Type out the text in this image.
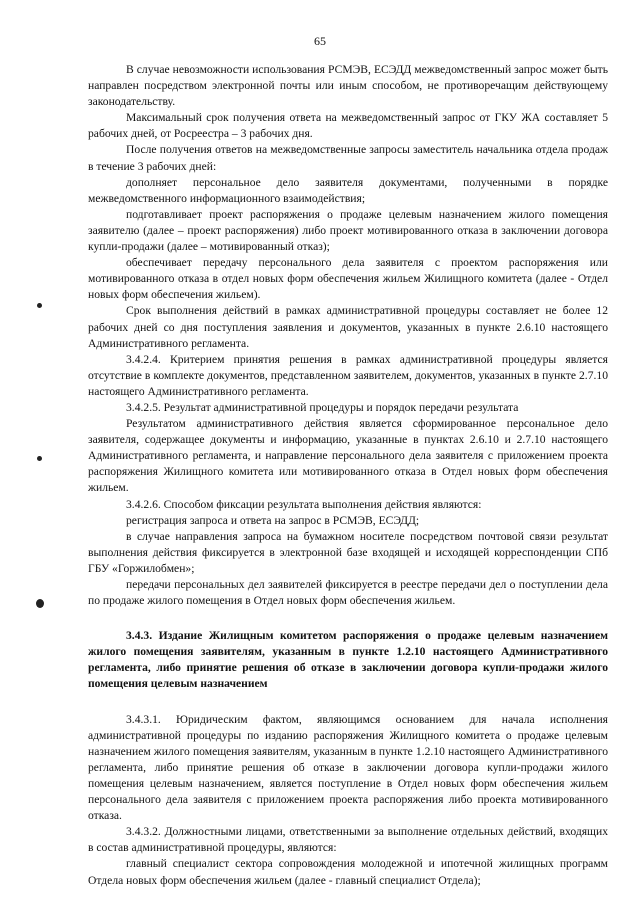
65

В случае невозможности использования РСМЭВ, ЕСЭДД межведомственный запрос может быть направлен посредством электронной почты или иным способом, не противоречащим действующему законодательству.

Максимальный срок получения ответа на межведомственный запрос от ГКУ ЖА составляет 5 рабочих дней, от Росреестра – 3 рабочих дня.

После получения ответов на межведомственные запросы заместитель начальника отдела продаж в течение 3 рабочих дней:

дополняет персональное дело заявителя документами, полученными в порядке межведомственного информационного взаимодействия;

подготавливает проект распоряжения о продаже целевым назначением жилого помещения заявителю (далее – проект распоряжения) либо проект мотивированного отказа в заключении договора купли-продажи (далее – мотивированный отказ);

обеспечивает передачу персонального дела заявителя с проектом распоряжения или мотивированного отказа в отдел новых форм обеспечения жильем Жилищного комитета (далее - Отдел новых форм обеспечения жильем).

Срок выполнения действий в рамках административной процедуры составляет не более 12 рабочих дней со дня поступления заявления и документов, указанных в пункте 2.6.10 настоящего Административного регламента.

3.4.2.4. Критерием принятия решения в рамках административной процедуры является отсутствие в комплекте документов, представленном заявителем, документов, указанных в пункте 2.7.10 настоящего Административного регламента.

3.4.2.5. Результат административной процедуры и порядок передачи результата

Результатом административного действия является сформированное персональное дело заявителя, содержащее документы и информацию, указанные в пунктах 2.6.10 и 2.7.10 настоящего Административного регламента, и направление персонального дела заявителя с приложением проекта распоряжения Жилищного комитета или мотивированного отказа в Отдел новых форм обеспечения жильем.

3.4.2.6. Способом фиксации результата выполнения действия являются:

регистрация запроса и ответа на запрос в РСМЭВ, ЕСЭДД;

в случае направления запроса на бумажном носителе посредством почтовой связи результат выполнения действия фиксируется в электронной базе входящей и исходящей корреспонденции СПб ГБУ «Горжилобмен»;

передачи персональных дел заявителей фиксируется в реестре передачи дел о поступлении дела по продаже жилого помещения в Отдел новых форм обеспечения жильем.

3.4.3. Издание Жилищным комитетом распоряжения о продаже целевым назначением жилого помещения заявителям, указанным в пункте 1.2.10 настоящего Административного регламента, либо принятие решения об отказе в заключении договора купли-продажи жилого помещения целевым назначением

3.4.3.1. Юридическим фактом, являющимся основанием для начала исполнения административной процедуры по изданию распоряжения Жилищного комитета о продаже целевым назначением жилого помещения заявителям, указанным в пункте 1.2.10 настоящего Административного регламента, либо принятие решения об отказе в заключении договора купли-продажи жилого помещения целевым назначением, является поступление в Отдел новых форм обеспечения жильем персонального дела заявителя с приложением проекта распоряжения либо проекта мотивированного отказа.

3.4.3.2. Должностными лицами, ответственными за выполнение отдельных действий, входящих в состав административной процедуры, являются:

главный специалист сектора сопровождения молодежной и ипотечной жилищных программ Отдела новых форм обеспечения жильем (далее - главный специалист Отдела);
